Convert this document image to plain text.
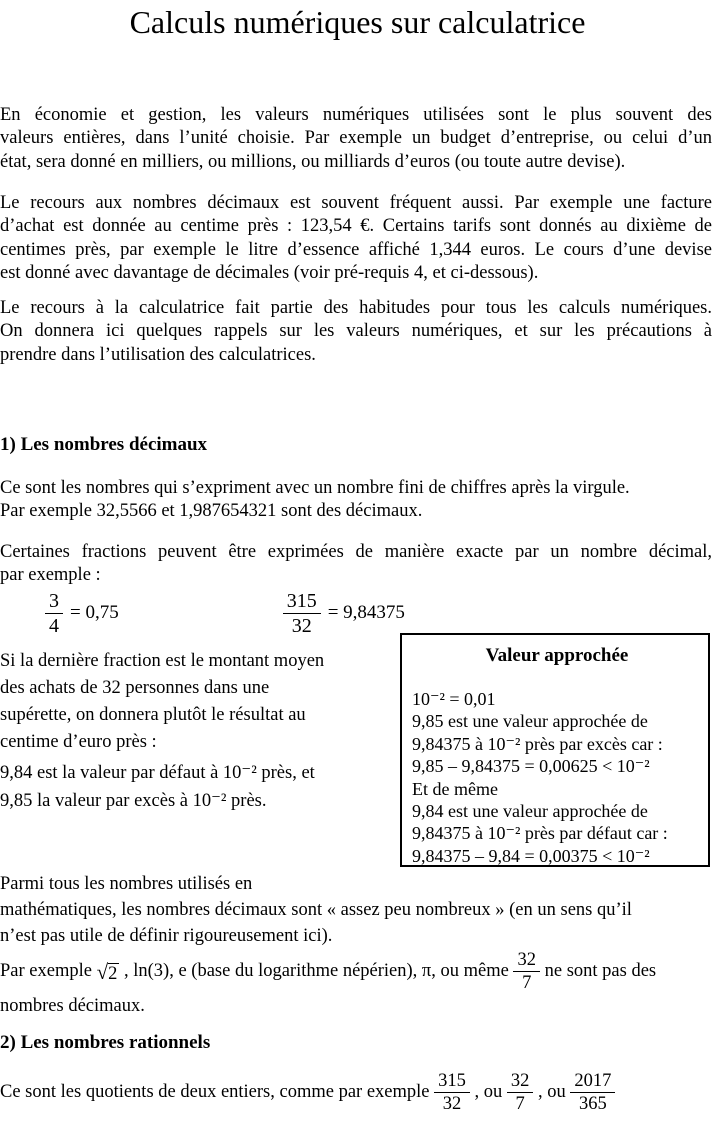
Calculs numériques sur calculatrice
En économie et gestion, les valeurs numériques utilisées sont le plus souvent des
valeurs entières, dans l’unité choisie. Par exemple un budget d’entreprise, ou celui d’un
état, sera donné en milliers, ou millions, ou milliards d’euros (ou toute autre devise).
Le recours aux nombres décimaux est souvent fréquent aussi. Par exemple une facture
d’achat est donnée au centime près : 123,54 €. Certains tarifs sont donnés au dixième de
centimes près, par exemple le litre d’essence affiché 1,344 euros. Le cours d’une devise
est donné avec davantage de décimales (voir pré-requis 4, et ci-dessous).
Le recours à la calculatrice fait partie des habitudes pour tous les calculs numériques.
On donnera ici quelques rappels sur les valeurs numériques, et sur les précautions à
prendre dans l’utilisation des calculatrices.
1) Les nombres décimaux
Ce sont les nombres qui s’expriment avec un nombre fini de chiffres après la virgule.
Par exemple 32,5566 et 1,987654321 sont des décimaux.
Certaines fractions peuvent être exprimées de manière exacte par un nombre décimal,
par exemple :
$\frac{3}{4} = 0,75$	$\frac{315}{32} = 9,84375$
Si la dernière fraction est le montant moyen
des achats de 32 personnes dans une
supérette, on donnera plutôt le résultat au
centime d’euro près :
9,84 est la valeur par défaut à 10⁻² près, et
9,85 la valeur par excès à 10⁻² près.
Valeur approchée
10⁻² = 0,01
9,85 est une valeur approchée de
9,84375 à 10⁻² près par excès car :
9,85 – 9,84375 = 0,00625 < 10⁻²
Et de même
9,84 est une valeur approchée de
9,84375 à 10⁻² près par défaut car :
9,84375 – 9,84 = 0,00375 < 10⁻²
Parmi tous les nombres utilisés en
mathématiques, les nombres décimaux sont « assez peu nombreux » (en un sens qu’il
n’est pas utile de définir rigoureusement ici).
Par exemple √ 2 , ln(3), e (base du logarithme népérien), π, ou même $\frac{32}{7}$ ne sont pas des
nombres décimaux.
2) Les nombres rationnels
Ce sont les quotients de deux entiers, comme par exemple $\frac{315}{32}$ , ou $\frac{32}{7}$ , ou $\frac{2017}{365}$
